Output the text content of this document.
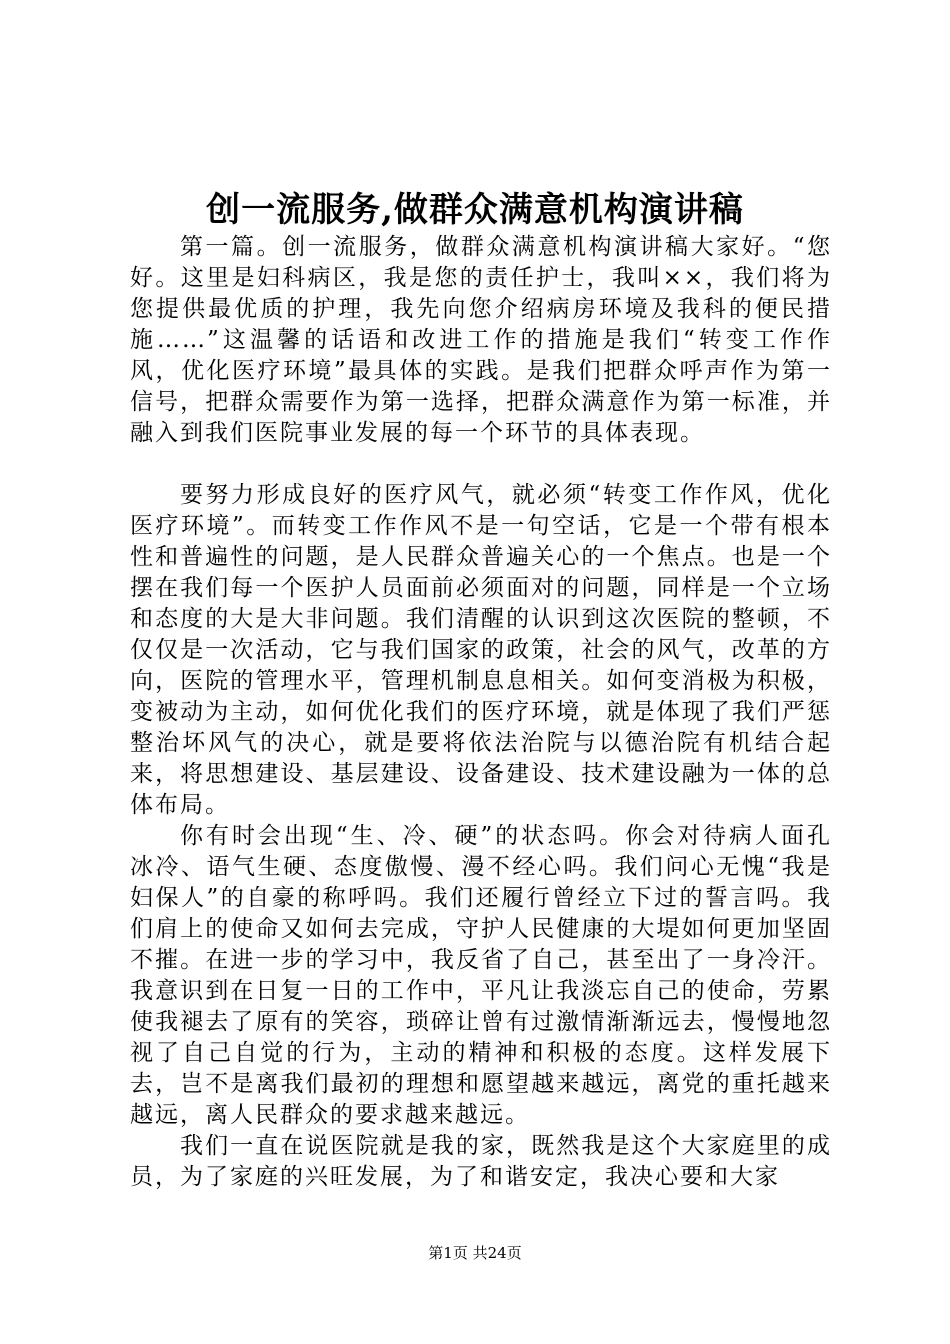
创一流服务,做群众满意机构演讲稿

第一篇。创一流服务，做群众满意机构演讲稿大家好。“您好。这里是妇科病区，我是您的责任护士，我叫××，我们将为您提供最优质的护理，我先向您介绍病房环境及我科的便民措施……”这温馨的话语和改进工作的措施是我们“转变工作作风，优化医疗环境”最具体的实践。是我们把群众呼声作为第一信号，把群众需要作为第一选择，把群众满意作为第一标准，并融入到我们医院事业发展的每一个环节的具体表现。

要努力形成良好的医疗风气，就必须“转变工作作风，优化医疗环境”。而转变工作作风不是一句空话，它是一个带有根本性和普遍性的问题，是人民群众普遍关心的一个焦点。也是一个摆在我们每一个医护人员面前必须面对的问题，同样是一个立场和态度的大是大非问题。我们清醒的认识到这次医院的整顿，不仅仅是一次活动，它与我们国家的政策，社会的风气，改革的方向，医院的管理水平，管理机制息息相关。如何变消极为积极，变被动为主动，如何优化我们的医疗环境，就是体现了我们严惩整治坏风气的决心，就是要将依法治院与以德治院有机结合起来，将思想建设、基层建设、设备建设、技术建设融为一体的总体布局。

你有时会出现“生、冷、硬”的状态吗。你会对待病人面孔冰冷、语气生硬、态度傲慢、漫不经心吗。我们问心无愧“我是妇保人”的自豪的称呼吗。我们还履行曾经立下过的誓言吗。我们肩上的使命又如何去完成，守护人民健康的大堤如何更加坚固不摧。在进一步的学习中，我反省了自己，甚至出了一身冷汗。我意识到在日复一日的工作中，平凡让我淡忘自己的使命，劳累使我褪去了原有的笑容，琐碎让曾有过激情渐渐远去，慢慢地忽视了自己自觉的行为，主动的精神和积极的态度。这样发展下去，岂不是离我们最初的理想和愿望越来越远，离党的重托越来越远，离人民群众的要求越来越远。

我们一直在说医院就是我的家，既然我是这个大家庭里的成员，为了家庭的兴旺发展，为了和谐安定，我决心要和大家

第1页 共24页
